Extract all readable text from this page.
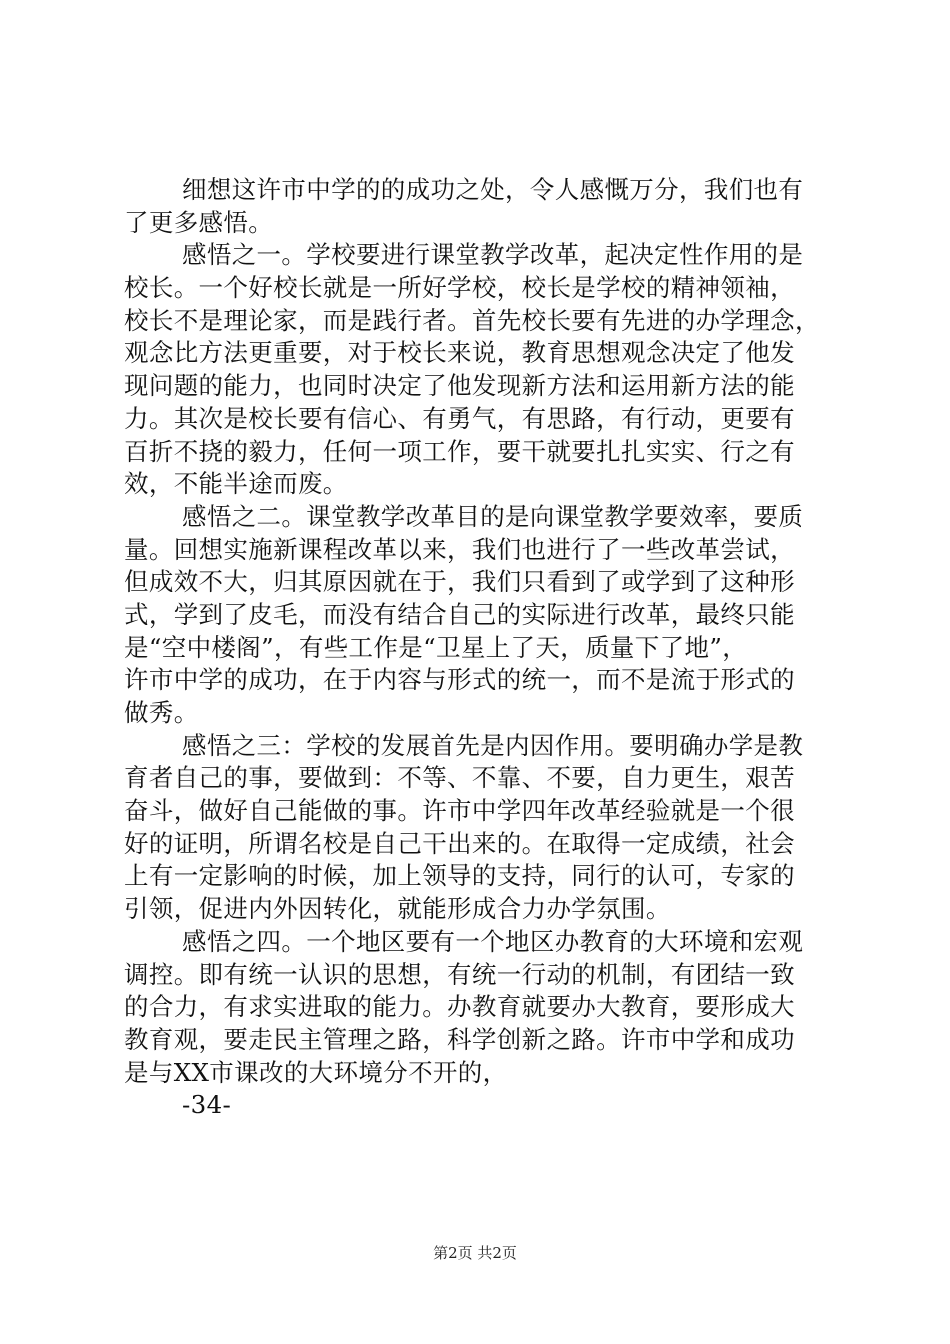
细想这许市中学的的成功之处，令人感慨万分，我们也有
了更多感悟。
感悟之一。学校要进行课堂教学改革，起决定性作用的是
校长。一个好校长就是一所好学校，校长是学校的精神领袖，
校长不是理论家，而是践行者。首先校长要有先进的办学理念，
观念比方法更重要，对于校长来说，教育思想观念决定了他发
现问题的能力，也同时决定了他发现新方法和运用新方法的能
力。其次是校长要有信心、有勇气，有思路，有行动，更要有
百折不挠的毅力，任何一项工作，要干就要扎扎实实、行之有
效，不能半途而废。
感悟之二。课堂教学改革目的是向课堂教学要效率，要质
量。回想实施新课程改革以来，我们也进行了一些改革尝试，
但成效不大，归其原因就在于，我们只看到了或学到了这种形
式，学到了皮毛，而没有结合自己的实际进行改革，最终只能
是“空中楼阁”，有些工作是“卫星上了天，质量下了地”，
许市中学的成功，在于内容与形式的统一，而不是流于形式的
做秀。
感悟之三：学校的发展首先是内因作用。要明确办学是教
育者自己的事，要做到：不等、不靠、不要，自力更生，艰苦
奋斗，做好自己能做的事。许市中学四年改革经验就是一个很
好的证明，所谓名校是自己干出来的。在取得一定成绩，社会
上有一定影响的时候，加上领导的支持，同行的认可，专家的
引领，促进内外因转化，就能形成合力办学氛围。
感悟之四。一个地区要有一个地区办教育的大环境和宏观
调控。即有统一认识的思想，有统一行动的机制，有团结一致
的合力，有求实进取的能力。办教育就要办大教育，要形成大
教育观，要走民主管理之路，科学创新之路。许市中学和成功
是与XX市课改的大环境分不开的，
-34-
第2页 共2页
